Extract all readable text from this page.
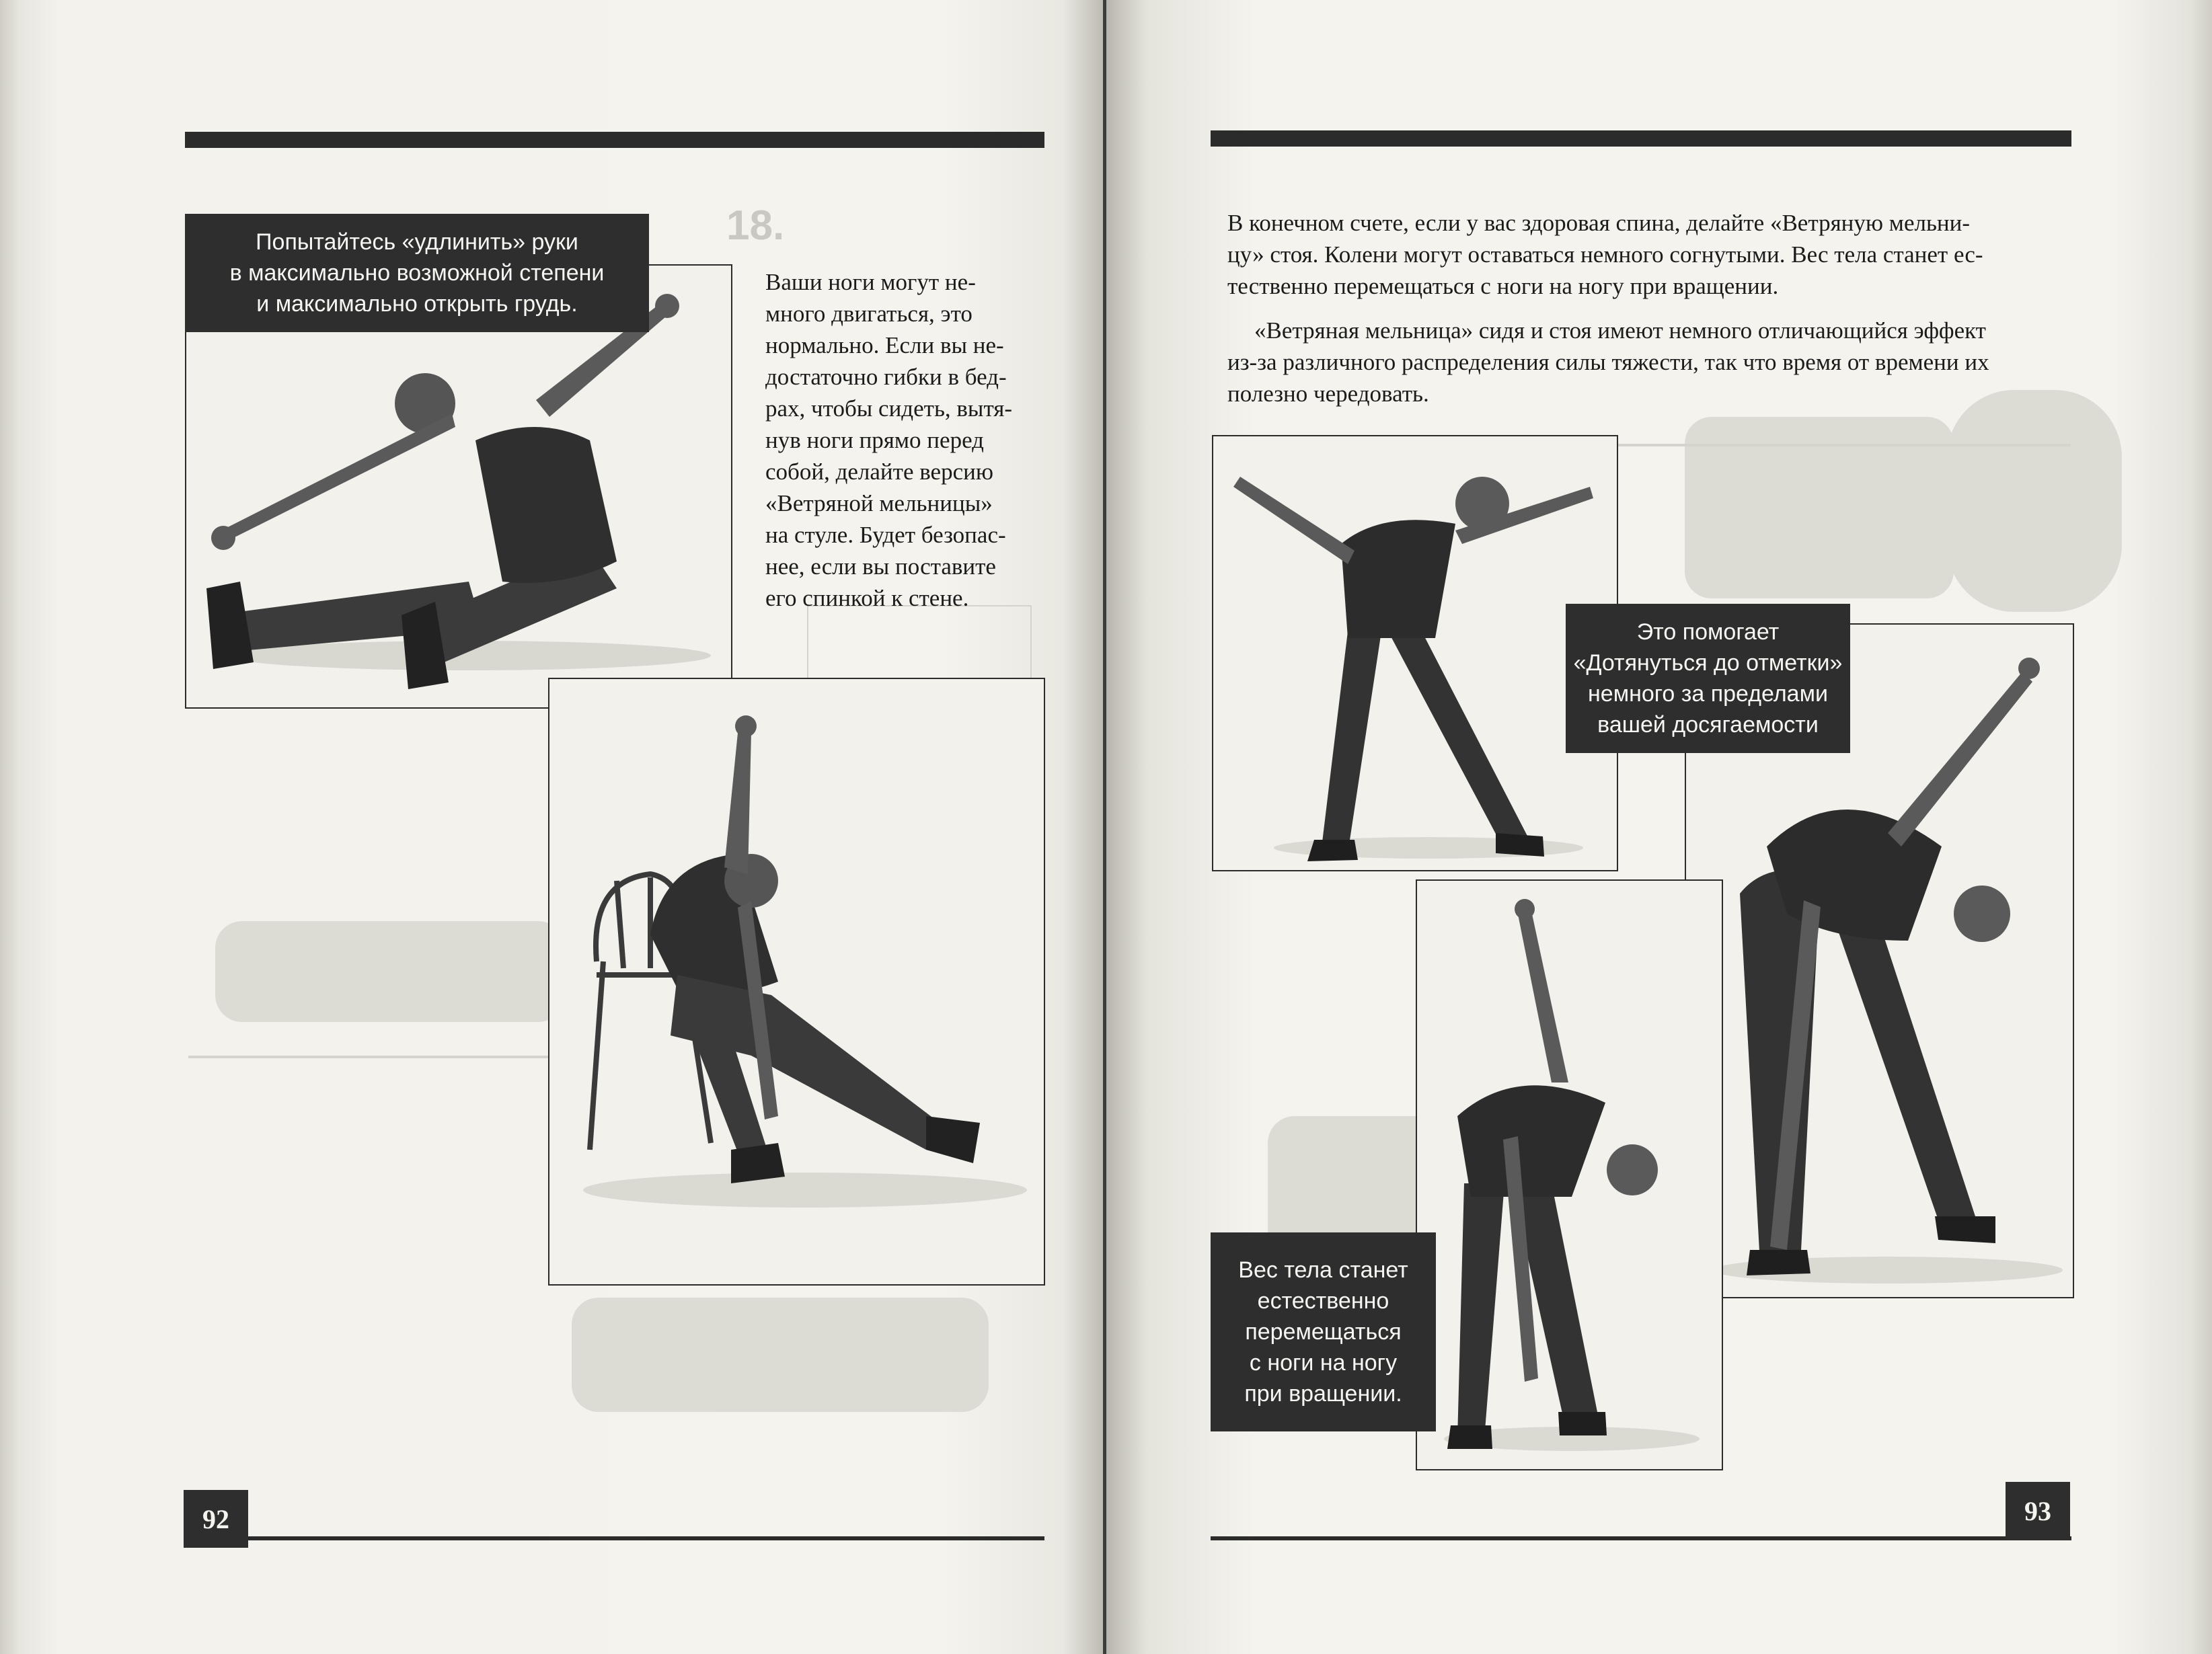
18.
Попытайтесь «удлинить» руки
в максимально возможной степени
и максимально открыть грудь.
Ваши ноги могут не-
много двигаться, это
нормально. Если вы не-
достаточно гибки в бед-
рах, чтобы сидеть, вытя-
нув ноги прямо перед
собой, делайте версию
«Ветряной мельницы»
на стуле. Будет безопас-
нее, если вы поставите
его спинкой к стене.
92
В конечном счете, если у вас здоровая спина, делайте «Ветряную мельни-
цу» стоя. Колени могут оставаться немного согнутыми. Вес тела станет ес-
тественно перемещаться с ноги на ногу при вращении.
«Ветряная мельница» сидя и стоя имеют немного отличающийся эффект
из-за различного распределения силы тяжести, так что время от времени их
полезно чередовать.
Это помогает
«Дотянуться до отметки»
немного за пределами
вашей досягаемости
Вес тела станет
естественно
перемещаться
с ноги на ногу
при вращении.
93
